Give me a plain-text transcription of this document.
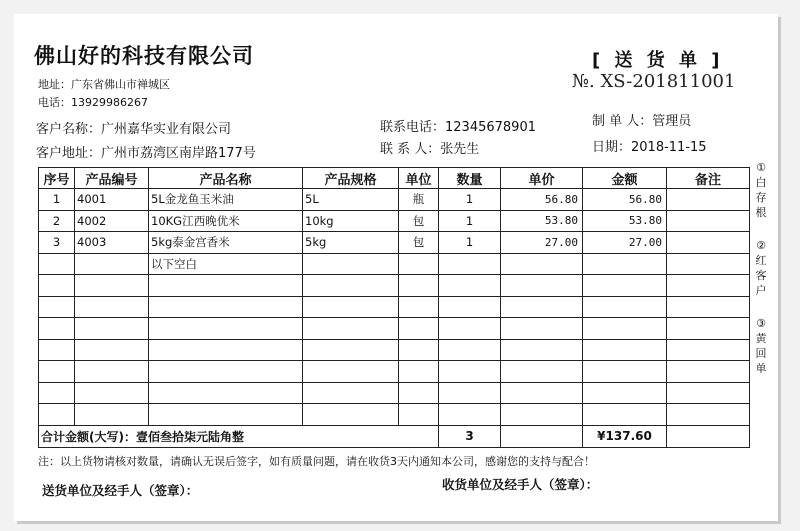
佛山好的科技有限公司	[ 送 货 单 ]
№. XS-201811001
地址：广东省佛山市禅城区
电话：13929986267
客户名称：广州嘉华实业有限公司	联系电话：12345678901	制 单 人：管理员
客户地址：广州市荔湾区南岸路177号	联 系 人：张先生	日期：2018-11-15
序号	产品编号	产品名称	产品规格	单位	数量	单价	金额	备注
1	4001	5L金龙鱼玉米油	5L	瓶	1	56.80	56.80	
2	4002	10KG江西晚优米	10kg	包	1	53.80	53.80	
3	4003	5kg泰金宫香米	5kg	包	1	27.00	27.00	
		以下空白						

合计金额(大写)：壹佰叁拾柒元陆角整					3		¥137.60	
①白存根
②红客户
③黄回单
注：以上货物请核对数量，请确认无误后签字，如有质量问题，请在收货3天内通知本公司，感谢您的支持与配合！
送货单位及经手人（签章）：	收货单位及经手人（签章）：
